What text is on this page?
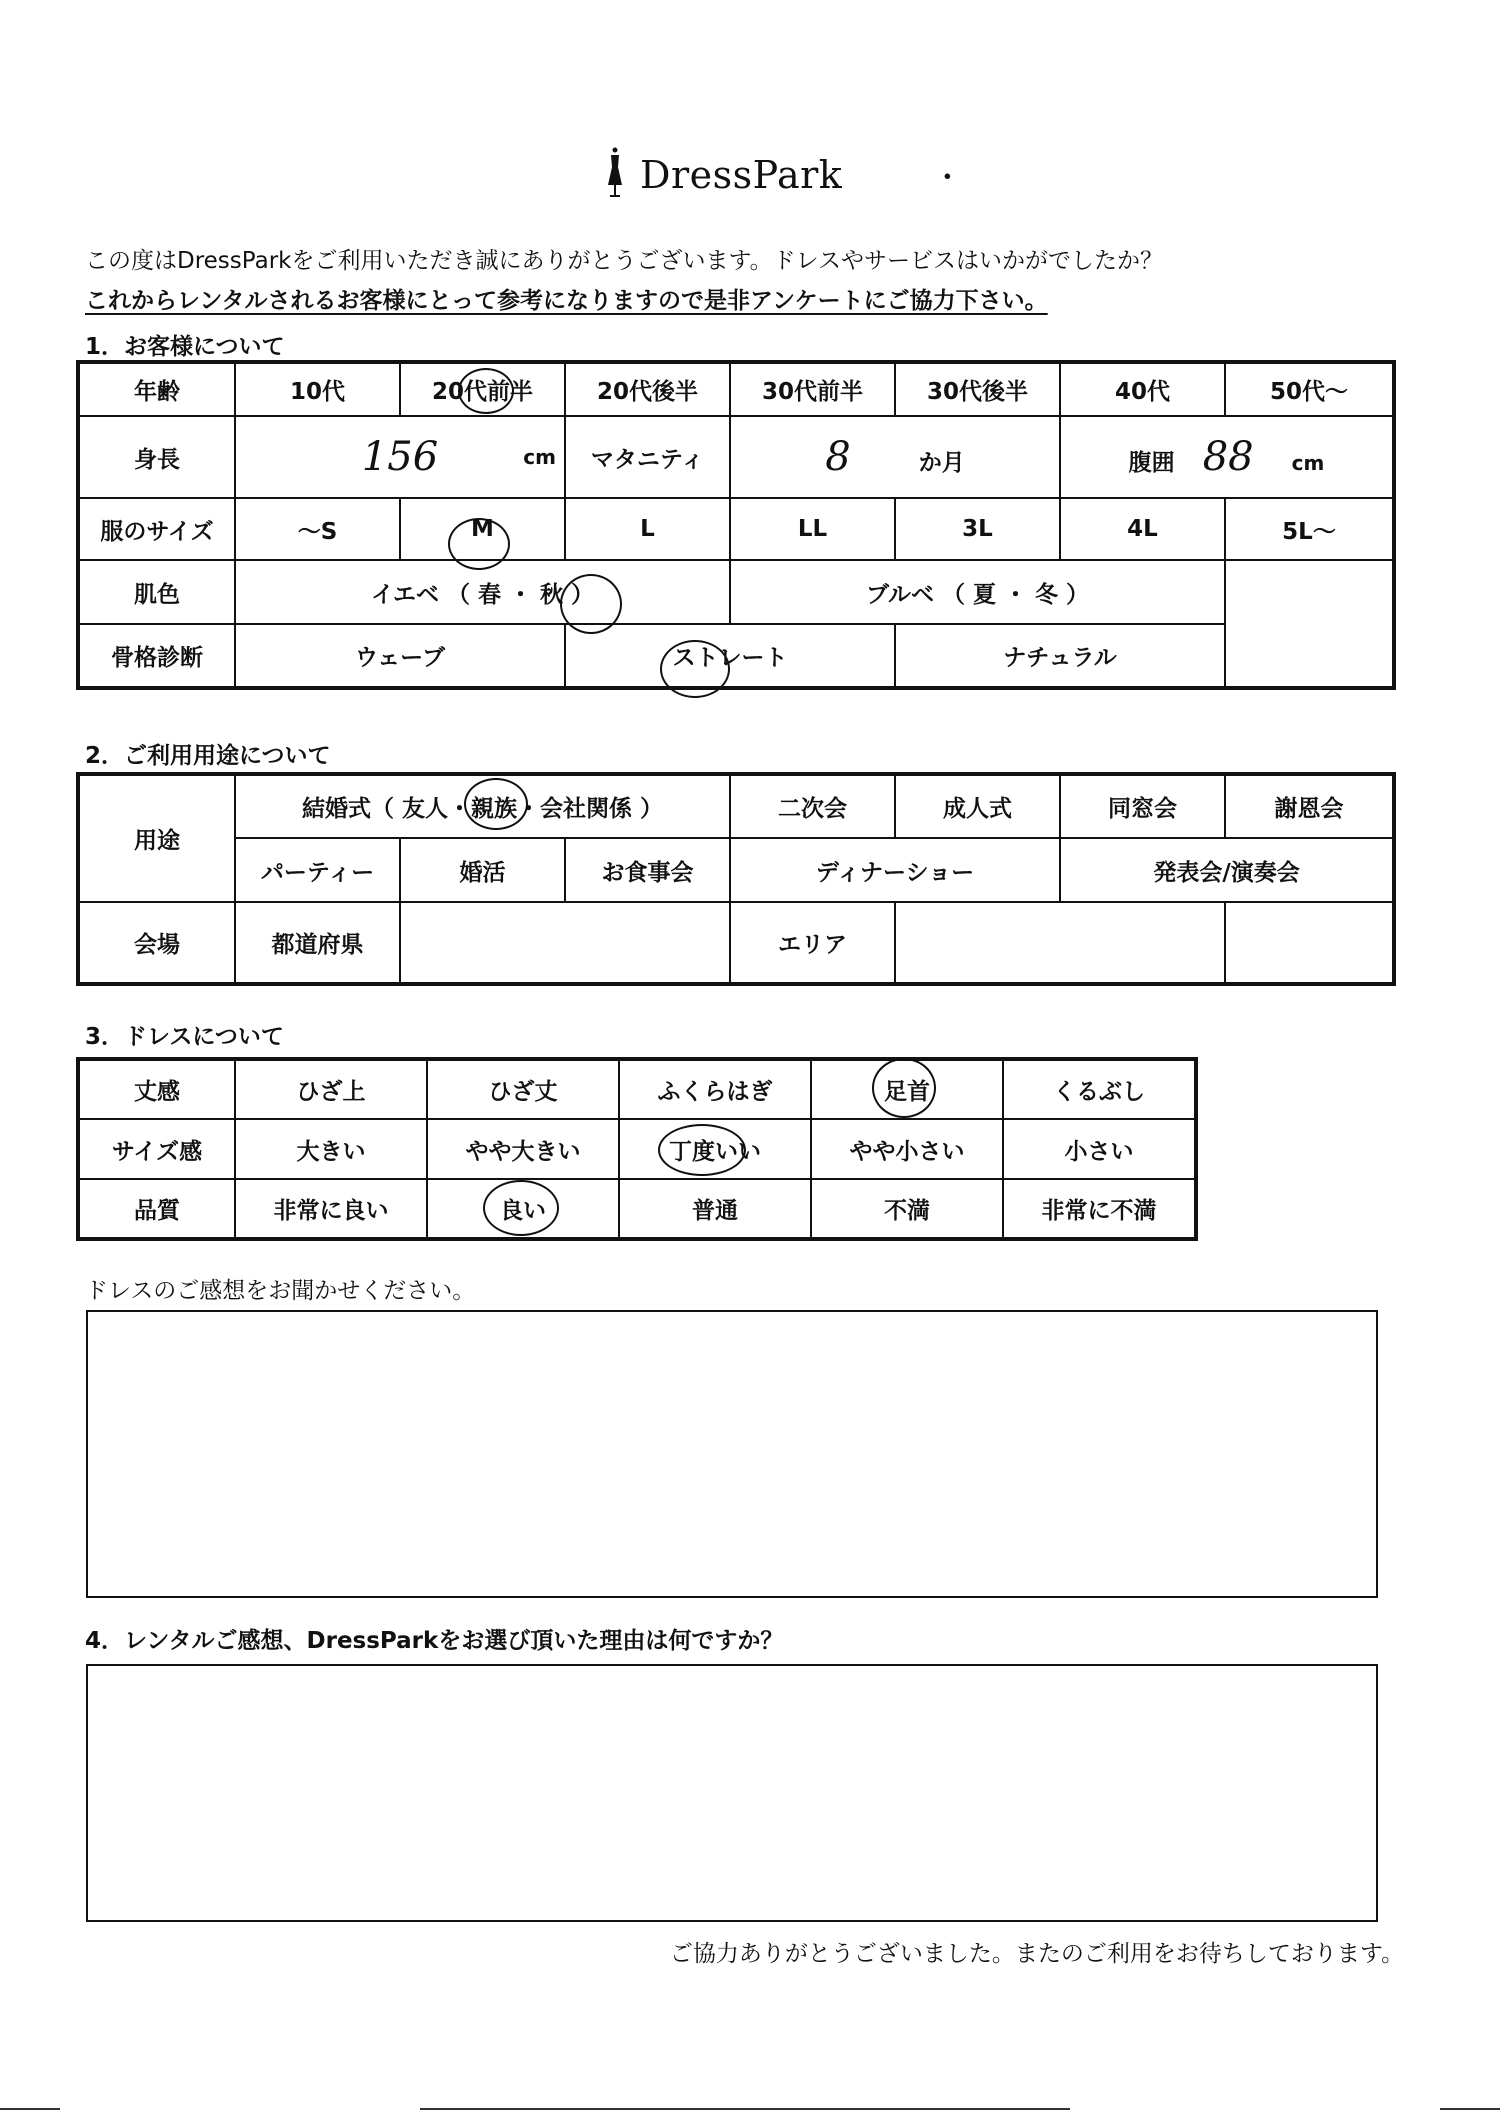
DressPark	・
この度はDressParkをご利用いただき誠にありがとうございます。ドレスやサービスはいかがでしたか？
これからレンタルされるお客様にとって参考になりますので是非アンケートにご協力下さい。
1．お客様について
年齢	10代	20代前半	20代後半	30代前半	30代後半	40代	50代～
身長	156 cm		マタニティ	8 か月		腹囲 88 cm	
服のサイズ	～S	M	L	LL	3L	4L	5L～
肌色	イエベ （ 春 ・ 秋 ）			ブルベ （ 夏 ・ 冬 ）			
骨格診断	ウェーブ		ストレート		ナチュラル		
2．ご利用用途について
用途	結婚式（ 友人・親族・会社関係 ）			二次会	成人式	同窓会	謝恩会
	パーティー	婚活	お食事会	ディナーショー		発表会/演奏会	
会場	都道府県			エリア			
3．ドレスについて
丈感	ひざ上	ひざ丈	ふくらはぎ	足首	くるぶし
サイズ感	大きい	やや大きい	丁度いい	やや小さい	小さい
品質	非常に良い	良い	普通	不満	非常に不満
ドレスのご感想をお聞かせください。
4．レンタルご感想、DressParkをお選び頂いた理由は何ですか？
ご協力ありがとうございました。またのご利用をお待ちしております。
